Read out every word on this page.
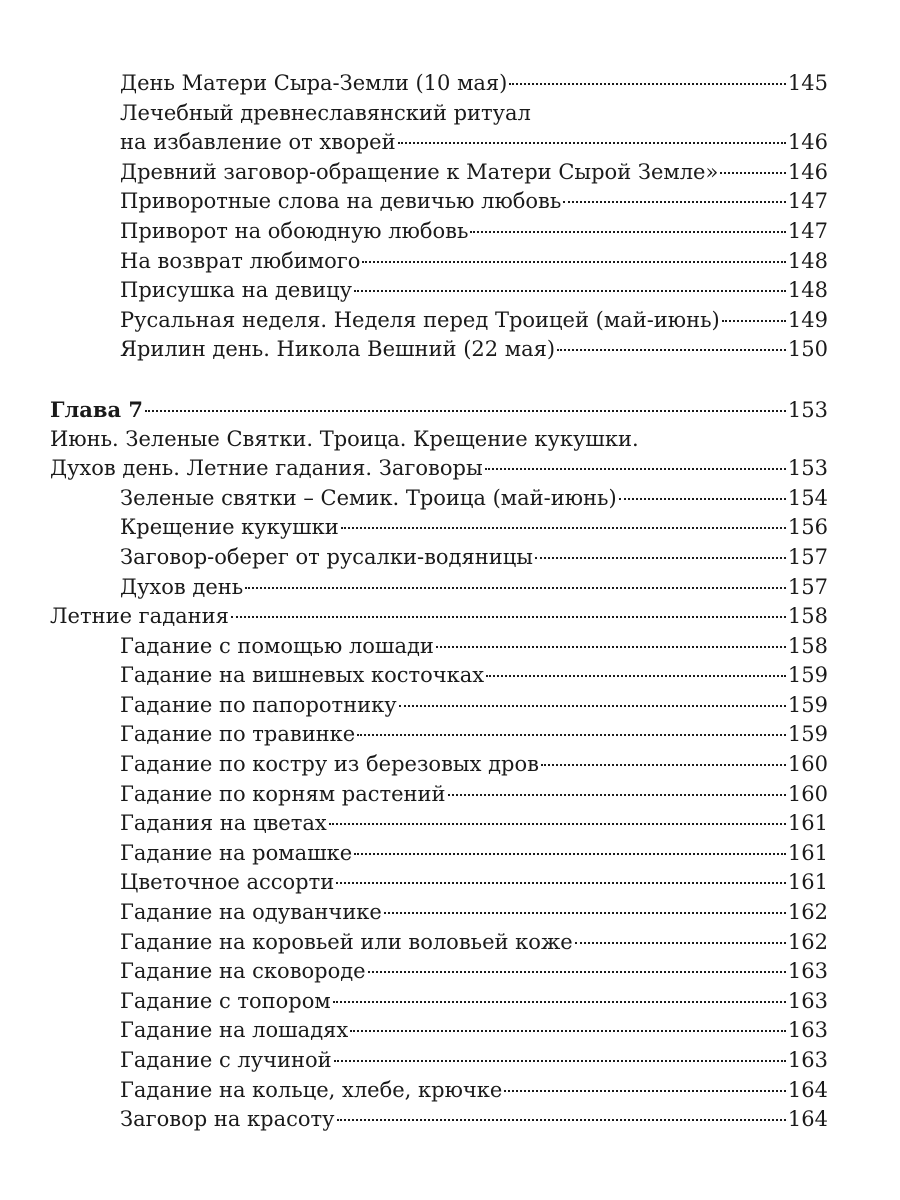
День Матери Сыра-Земли (10 мая)	145
Лечебный древнеславянский ритуал
на избавление от хворей	146
Древний заговор-обращение к Матери Сырой Земле»	146
Приворотные слова на девичью любовь	147
Приворот на обоюдную любовь	147
На возврат любимого	148
Присушка на девицу	148
Русальная неделя. Неделя перед Троицей (май-июнь)	149
Ярилин день. Никола Вешний (22 мая)	150
Глава 7	153
Июнь. Зеленые Святки. Троица. Крещение кукушки.
Духов день. Летние гадания. Заговоры	153
Зеленые святки – Семик. Троица (май-июнь)	154
Крещение кукушки	156
Заговор-оберег от русалки-водяницы	157
Духов день	157
Летние гадания	158
Гадание с помощью лошади	158
Гадание на вишневых косточках	159
Гадание по папоротнику	159
Гадание по травинке	159
Гадание по костру из березовых дров	160
Гадание по корням растений	160
Гадания на цветах	161
Гадание на ромашке	161
Цветочное ассорти	161
Гадание на одуванчике	162
Гадание на коровьей или воловьей коже	162
Гадание на сковороде	163
Гадание с топором	163
Гадание на лошадях	163
Гадание с лучиной	163
Гадание на кольце, хлебе, крючке	164
Заговор на красоту	164
